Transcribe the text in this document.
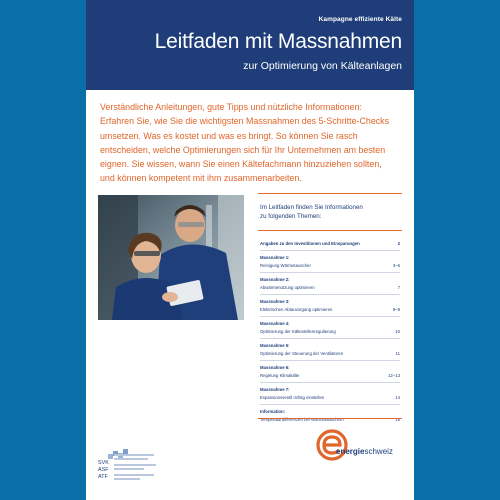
Kampagne effiziente Kälte
Leitfaden mit Massnahmen
zur Optimierung von Kälteanlagen
Verständliche Anleitungen, gute Tipps und nützliche Informationen:
Erfahren Sie, wie Sie die wichtigsten Massnahmen des 5-Schritte-Checks
umsetzen. Was es kostet und was es bringt. So können Sie rasch
entscheiden, welche Optimierungen sich für Ihr Unternehmen am besten
eignen. Sie wissen, wann Sie einen Kältefachmann hinzuziehen sollten,
und können kompetent mit ihm zusammenarbeiten.
Im Leitfaden finden Sie Informationen
zu folgenden Themen:
Angaben zu den Investitionen und Einsparungen	2
Massnahme 1:
Reinigung Wärmetauscher	3–6
Massnahme 2:
Abwärmenutzung optimieren	7
Massnahme 3:
Elektrischen Abtauvorgang optimieren	8–9
Massnahme 4:
Optimierung der Kältestellenregulierung	10
Massnahme 5:
Optimierung der Steuerung der Ventilatoren	11
Massnahme 6:
Regelung Klimakälte	12–13
Massnahme 7:
Expansionsventil richtig einstellen	14
Information:
Temperaturdifferenzen bei Wärmetauschern	15
energieschweiz
SVK
ASF
ATF
